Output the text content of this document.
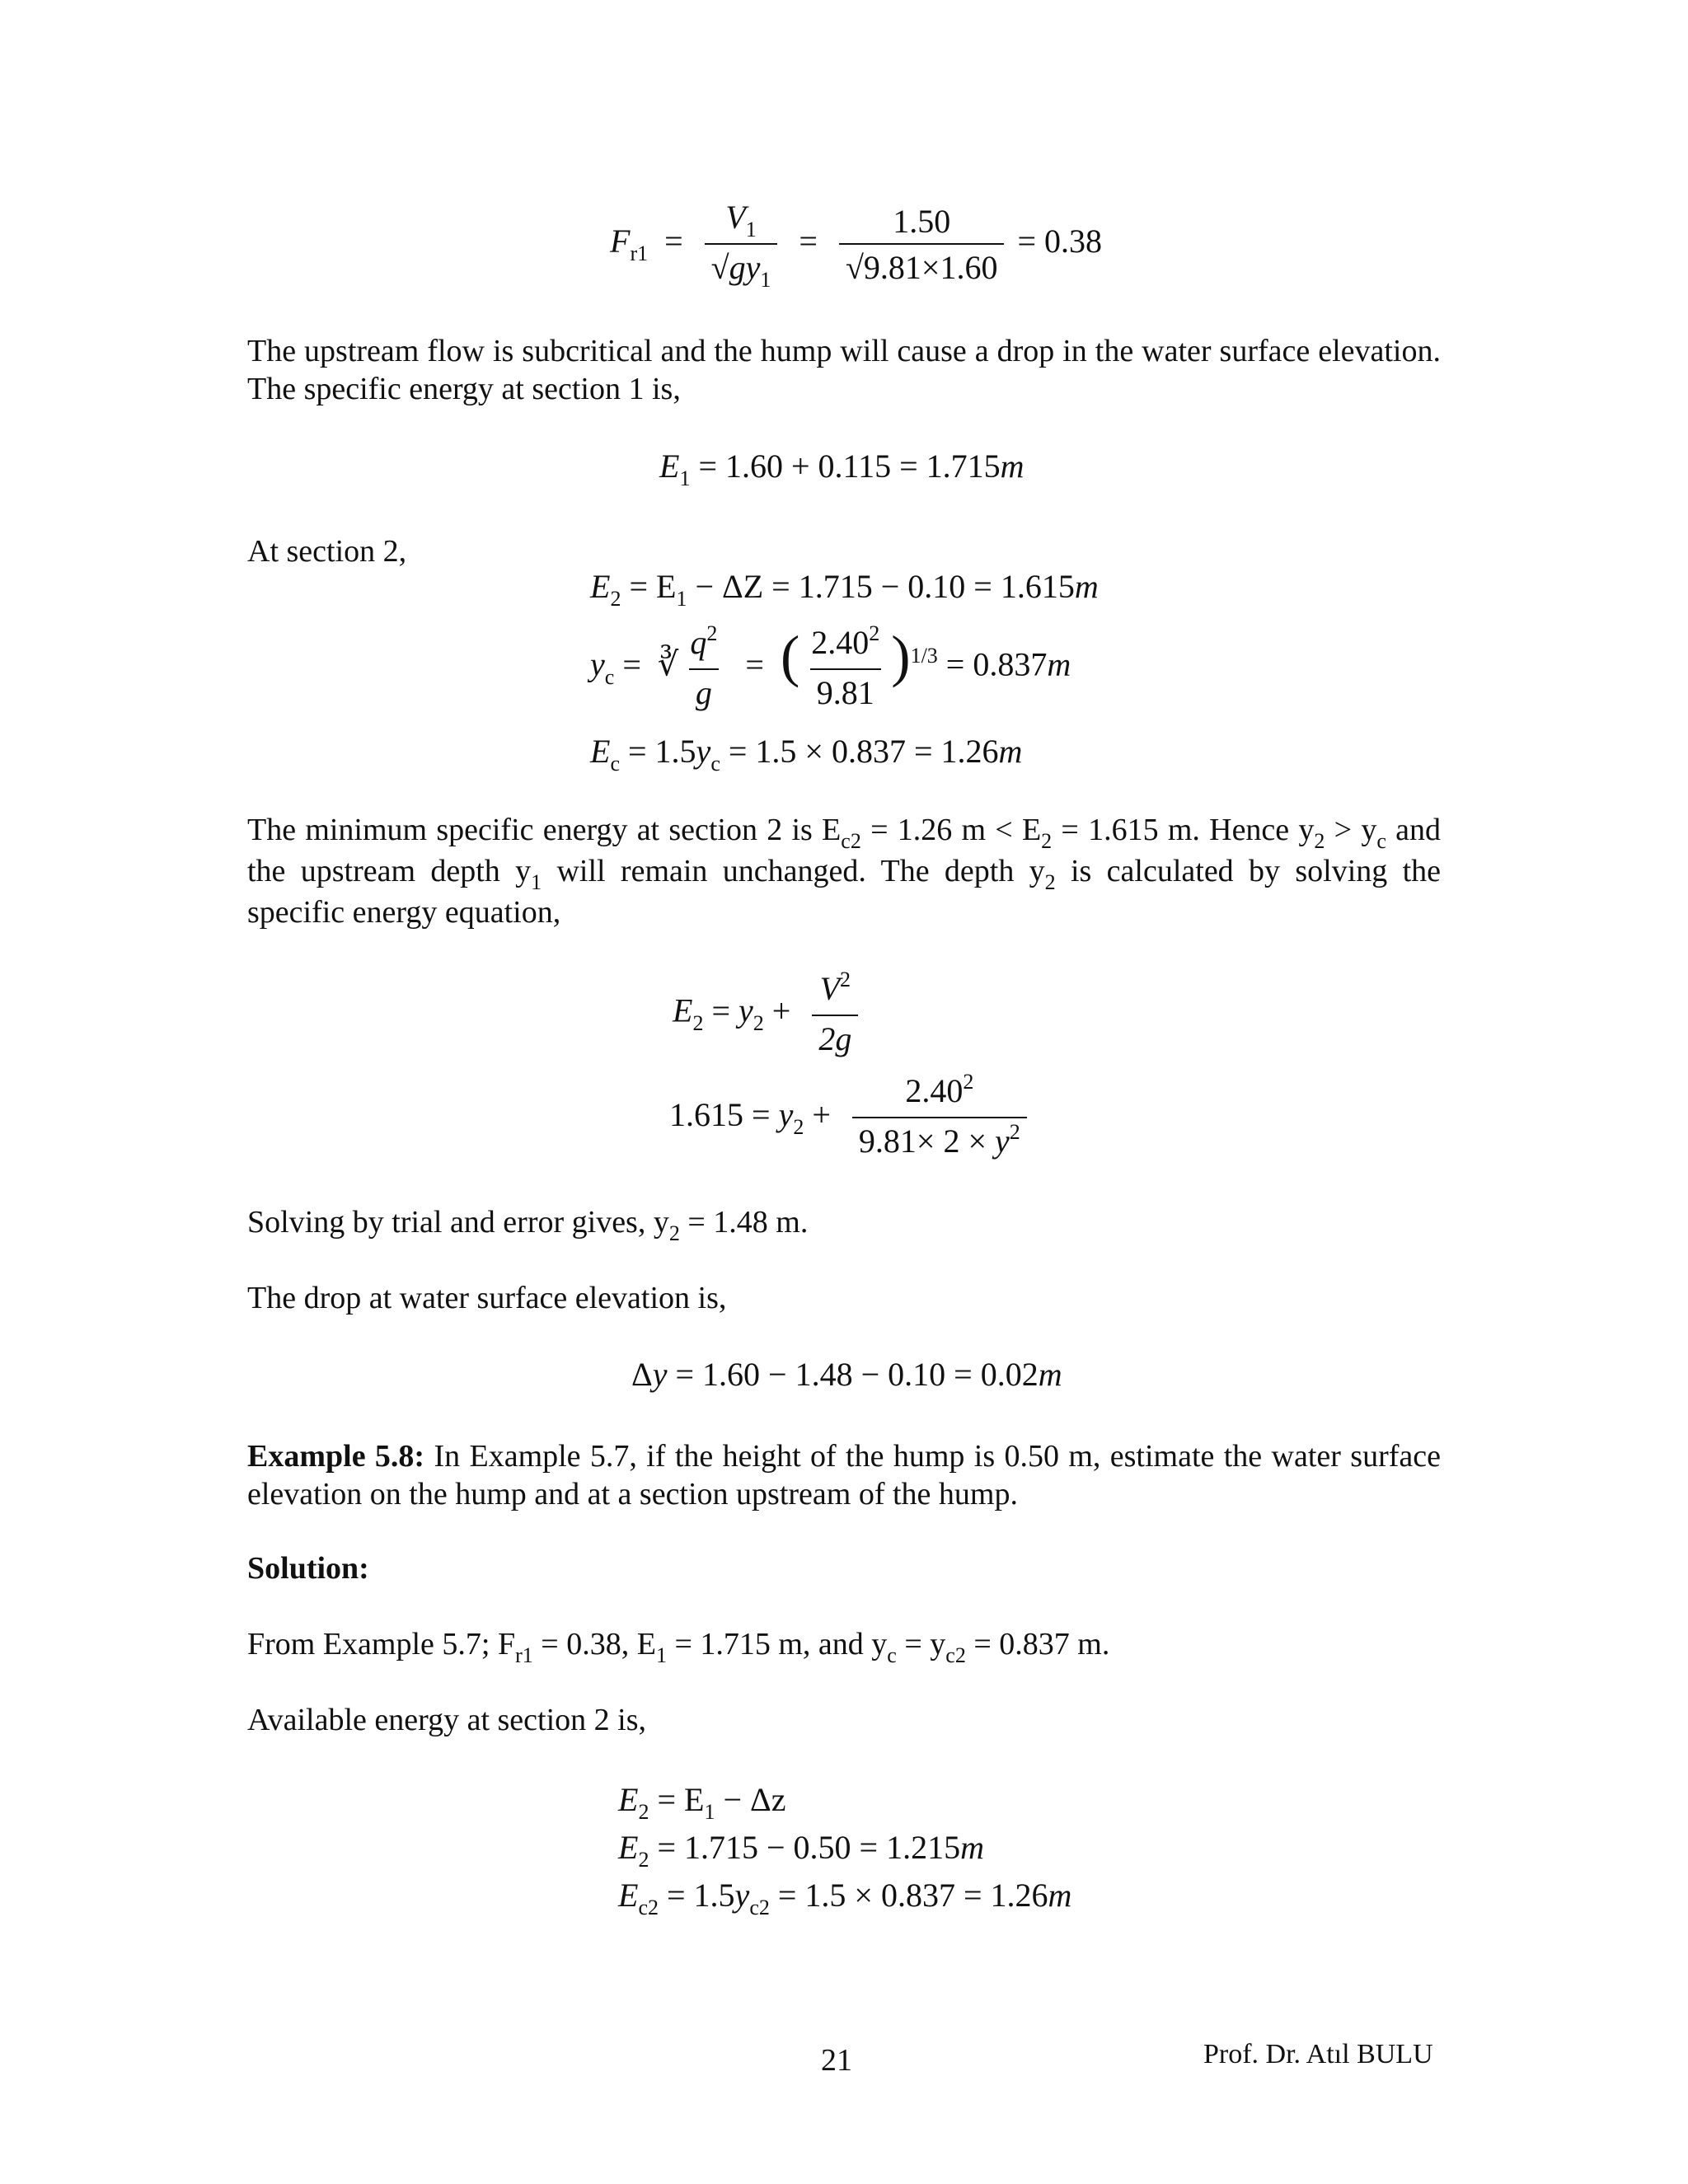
$F_{r1} = \frac{V_1}{√gy_1} = \frac{1.50}{√9.81\times 1.60} = 0.38$
The upstream flow is subcritical and the hump will cause a drop in the water surface elevation. The specific energy at section 1 is,
$E_1 = 1.60 + 0.115 = 1.715m$
At section 2,
$E_2 = E_1 - \Delta Z = 1.715 - 0.10 = 1.615m$
$y_c$ = ∛ $\frac{q^2}{g}$ = ( $\frac{2.40^2}{9.81} )^{1/3} = 0.837m$
$E_c = 1.5y_c = 1.5 \times 0.837 = 1.26m$
The minimum specific energy at section 2 is $E_{c2} = 1.26$ $m < E_2 = 1.615$ m. Hence $y_2 > y_c$ and the upstream depth $y_1$ will remain unchanged. The depth $y_2$ is calculated by solving the specific energy equation,
$E_2 = y_2 + \frac{V^2}{2g}$
$1.615 = y_2 + \frac{2.40^2}{9.81\times 2 \times y^2}$
Solving by trial and error gives, $y_2 = 1.48$ m.
The drop at water surface elevation is,
Δy = 1.60 − 1.48 − 0.10 = 0.02m
Example 5.8: In Example 5.7, if the height of the hump is 0.50 m, estimate the water surface elevation on the hump and at a section upstream of the hump.
Solution:
From Example 5.7; $F_{r1} = 0.38$, $E_1 = 1.715$ m, and $y_c = y_{c2} = 0.837$ m.
Available energy at section 2 is,
$E_2 = E_1 - \Delta z$
$E_2 = 1.715 - 0.50 = 1.215m$
$E_{c2} = 1.5y_{c2} = 1.5 \times 0.837 = 1.26m$
21	Prof. Dr. Atıl BULU
